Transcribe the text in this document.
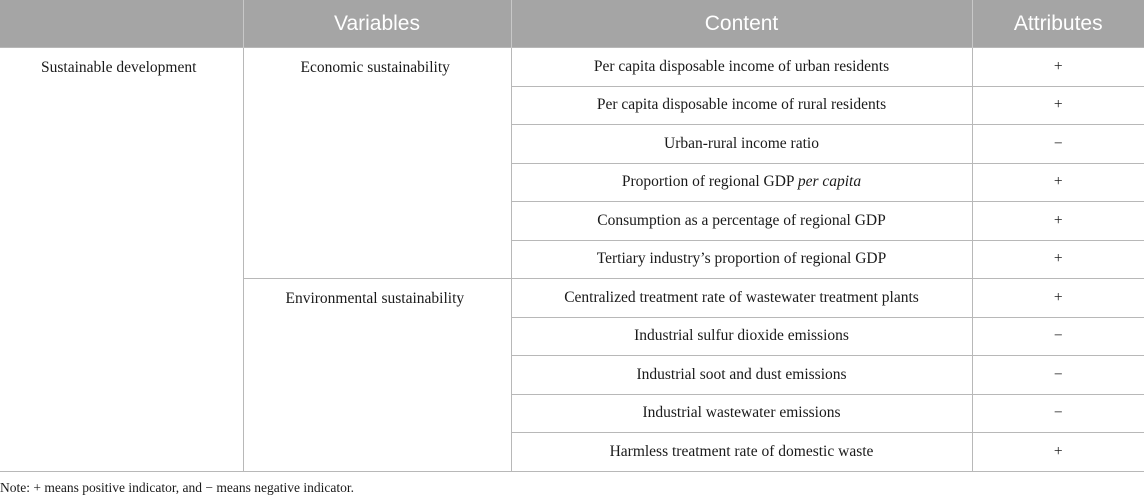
	Variables	Content	Attributes
Sustainable development	Economic sustainability	Per capita disposable income of urban residents	+
		Per capita disposable income of rural residents	+
		Urban-rural income ratio	−
		Proportion of regional GDP per capita	+
		Consumption as a percentage of regional GDP	+
		Tertiary industry’s proportion of regional GDP	+
	Environmental sustainability	Centralized treatment rate of wastewater treatment plants	+
		Industrial sulfur dioxide emissions	−
		Industrial soot and dust emissions	−
		Industrial wastewater emissions	−
		Harmless treatment rate of domestic waste	+
Note: + means positive indicator, and − means negative indicator.
